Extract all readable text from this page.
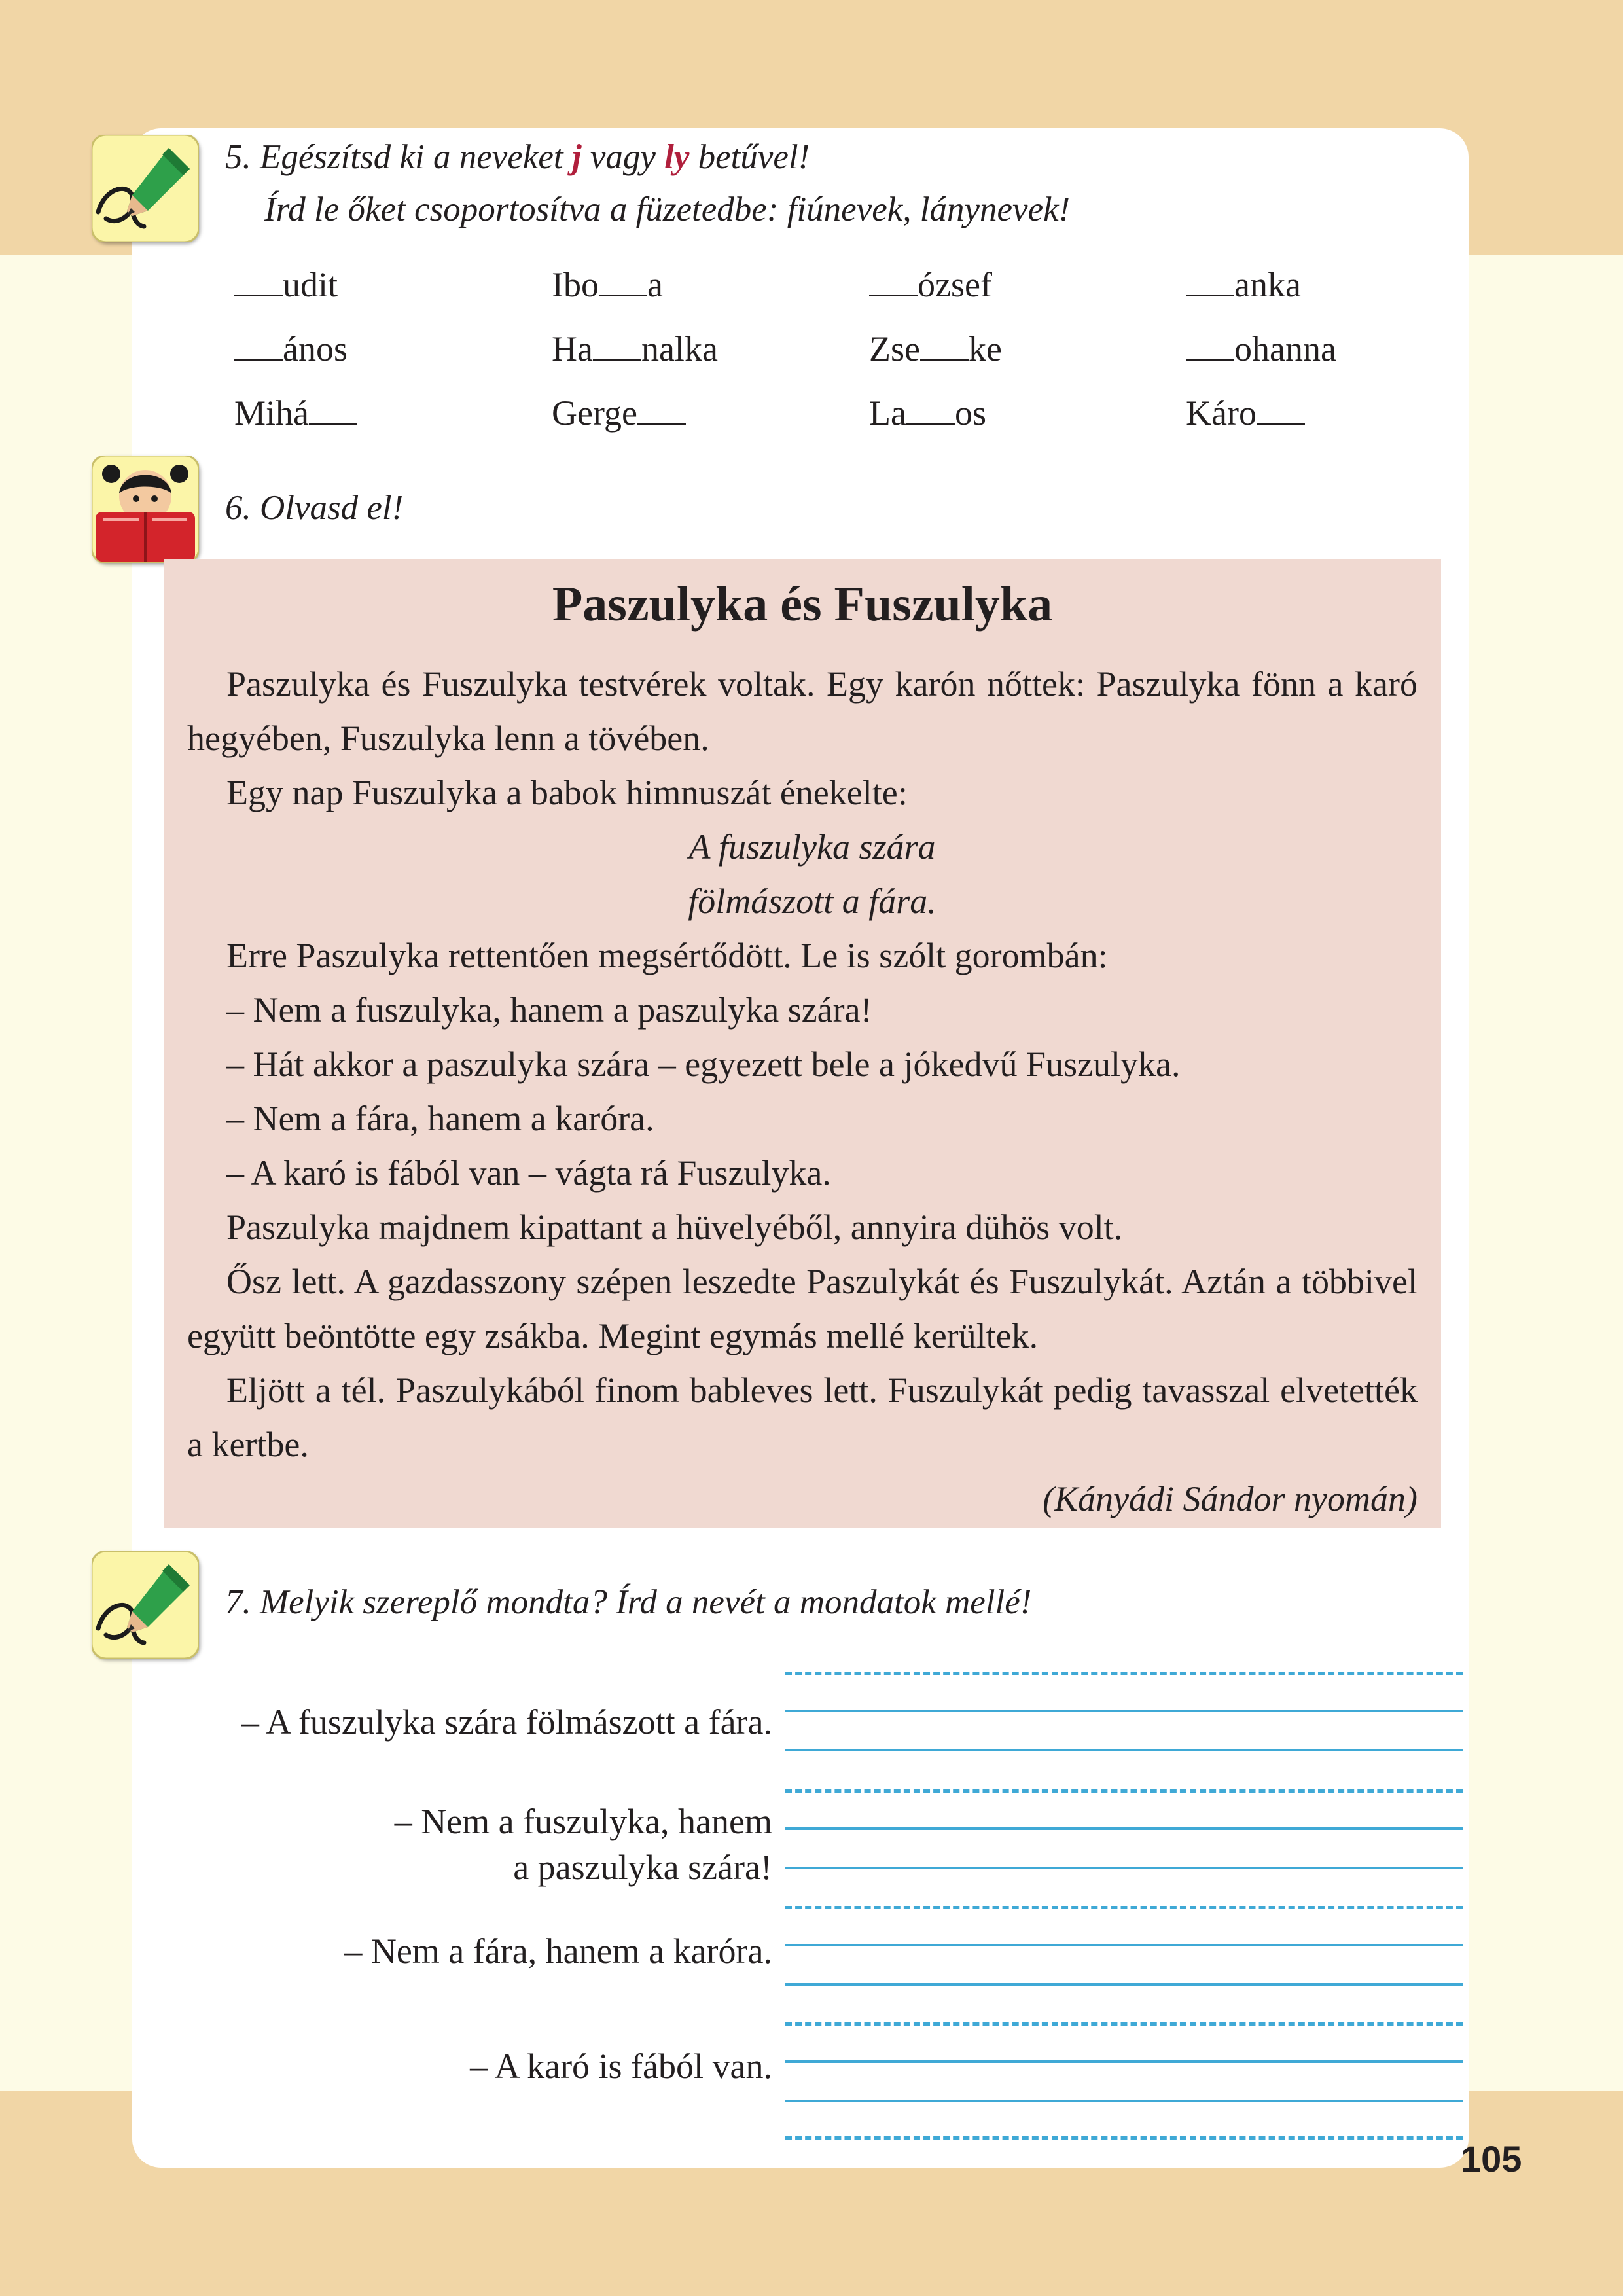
5. Egészítsd ki a neveket j vagy ly betűvel!

Írd le őket csoportosítva a füzetedbe: fiúnevek, lánynevek!

udit	Ibo a	ózsef	anka
ános	Ha nalka	Zse ke	ohanna
Mihá	Gerge	La os	Káro

6. Olvasd el!

Paszulyka és Fuszulyka

Paszulyka és Fuszulyka testvérek voltak. Egy karón nőttek: Paszulyka fönn a karó hegyében, Fuszulyka lenn a tövében.

Egy nap Fuszulyka a babok himnuszát énekelte:

A fuszulyka szára

fölmászott a fára.

Erre Paszulyka rettentően megsértődött. Le is szólt gorombán:

– Nem a fuszulyka, hanem a paszulyka szára!

– Hát akkor a paszulyka szára – egyezett bele a jókedvű Fuszulyka.

– Nem a fára, hanem a karóra.

– A karó is fából van – vágta rá Fuszulyka.

Paszulyka majdnem kipattant a hüvelyéből, annyira dühös volt.

Ősz lett. A gazdasszony szépen leszedte Paszulykát és Fuszulykát. Aztán a többivel együtt beöntötte egy zsákba. Megint egymás mellé kerültek.

Eljött a tél. Paszulykából finom bableves lett. Fuszulykát pedig tavasszal elvetették a kertbe.

(Kányádi Sándor nyomán)

7. Melyik szereplő mondta? Írd a nevét a mondatok mellé!

– A fuszulyka szára fölmászott a fára.
– Nem a fuszulyka, hanem
a paszulyka szára!
– Nem a fára, hanem a karóra.
– A karó is fából van.
105
